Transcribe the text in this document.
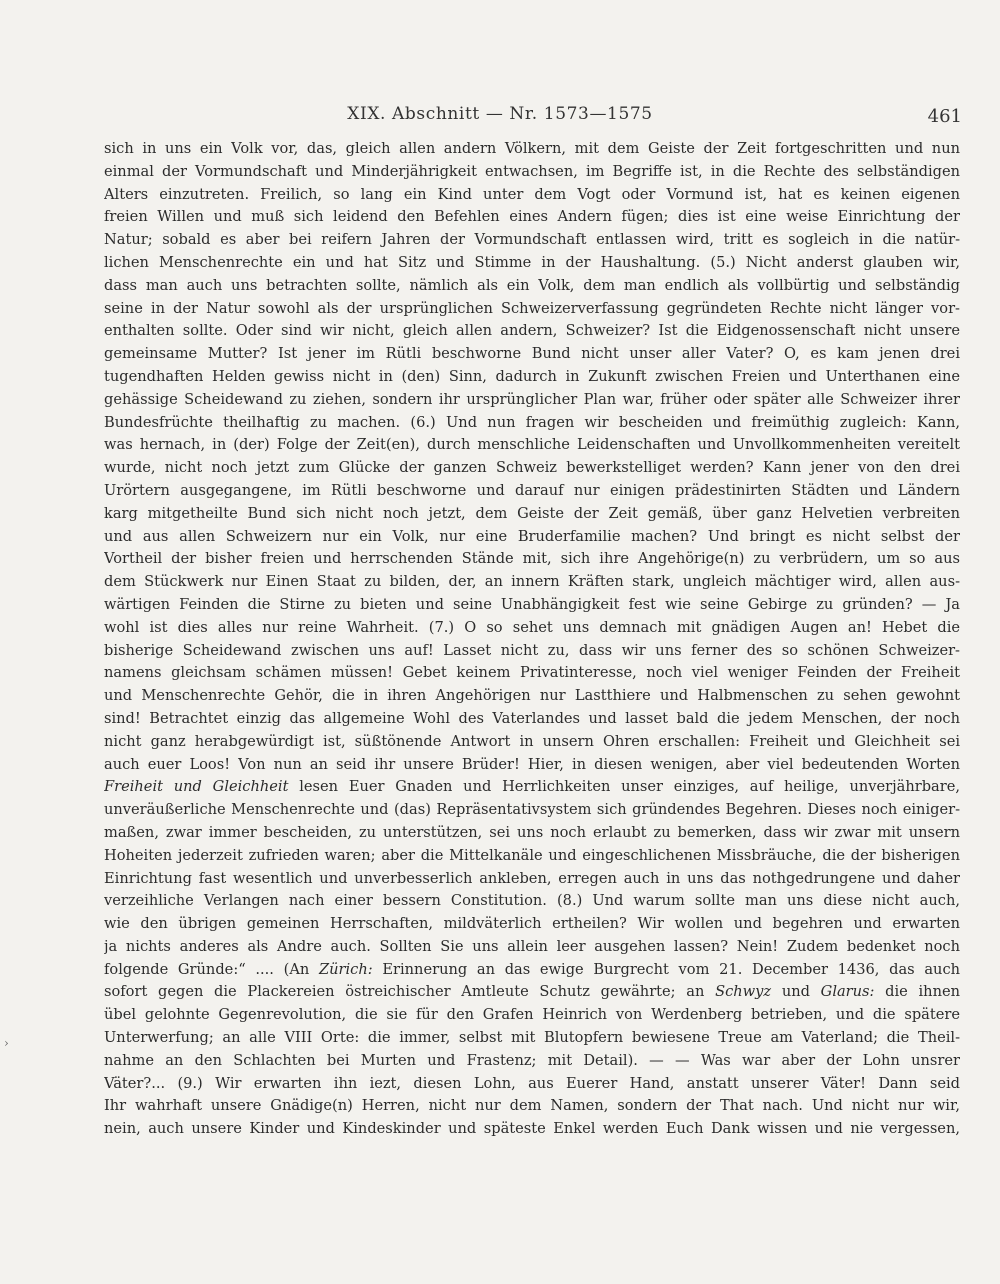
XIX. Abschnitt — Nr. 1573—1575	461
sich in uns ein Volk vor, das, gleich allen andern Völkern, mit dem Geiste der Zeit fortgeschritten und nun
einmal der Vormundschaft und Minderjährigkeit entwachsen, im Begriffe ist, in die Rechte des selbständigen
Alters einzutreten. Freilich, so lang ein Kind unter dem Vogt oder Vormund ist, hat es keinen eigenen
freien Willen und muß sich leidend den Befehlen eines Andern fügen; dies ist eine weise Einrichtung der
Natur; sobald es aber bei reifern Jahren der Vormundschaft entlassen wird, tritt es sogleich in die natür-
lichen Menschenrechte ein und hat Sitz und Stimme in der Haushaltung. (5.) Nicht anderst glauben wir,
dass man auch uns betrachten sollte, nämlich als ein Volk, dem man endlich als vollbürtig und selbständig
seine in der Natur sowohl als der ursprünglichen Schweizerverfassung gegründeten Rechte nicht länger vor-
enthalten sollte. Oder sind wir nicht, gleich allen andern, Schweizer? Ist die Eidgenossenschaft nicht unsere
gemeinsame Mutter? Ist jener im Rütli beschworne Bund nicht unser aller Vater? O, es kam jenen drei
tugendhaften Helden gewiss nicht in (den) Sinn, dadurch in Zukunft zwischen Freien und Unterthanen eine
gehässige Scheidewand zu ziehen, sondern ihr ursprünglicher Plan war, früher oder später alle Schweizer ihrer
Bundesfrüchte theilhaftig zu machen. (6.) Und nun fragen wir bescheiden und freimüthig zugleich: Kann,
was hernach, in (der) Folge der Zeit(en), durch menschliche Leidenschaften und Unvollkommenheiten vereitelt
wurde, nicht noch jetzt zum Glücke der ganzen Schweiz bewerkstelliget werden? Kann jener von den drei
Urörtern ausgegangene, im Rütli beschworne und darauf nur einigen prädestinirten Städten und Ländern
karg mitgetheilte Bund sich nicht noch jetzt, dem Geiste der Zeit gemäß, über ganz Helvetien verbreiten
und aus allen Schweizern nur ein Volk, nur eine Bruderfamilie machen? Und bringt es nicht selbst der
Vortheil der bisher freien und herrschenden Stände mit, sich ihre Angehörige(n) zu verbrüdern, um so aus
dem Stückwerk nur Einen Staat zu bilden, der, an innern Kräften stark, ungleich mächtiger wird, allen aus-
wärtigen Feinden die Stirne zu bieten und seine Unabhängigkeit fest wie seine Gebirge zu gründen? — Ja
wohl ist dies alles nur reine Wahrheit. (7.) O so sehet uns demnach mit gnädigen Augen an! Hebet die
bisherige Scheidewand zwischen uns auf! Lasset nicht zu, dass wir uns ferner des so schönen Schweizer-
namens gleichsam schämen müssen! Gebet keinem Privatinteresse, noch viel weniger Feinden der Freiheit
und Menschenrechte Gehör, die in ihren Angehörigen nur Lastthiere und Halbmenschen zu sehen gewohnt
sind! Betrachtet einzig das allgemeine Wohl des Vaterlandes und lasset bald die jedem Menschen, der noch
nicht ganz herabgewürdigt ist, süßtönende Antwort in unsern Ohren erschallen: Freiheit und Gleichheit sei
auch euer Loos! Von nun an seid ihr unsere Brüder! Hier, in diesen wenigen, aber viel bedeutenden Worten
Freiheit und Gleichheit lesen Euer Gnaden und Herrlichkeiten unser einziges, auf heilige, unverjährbare,
unveräußerliche Menschenrechte und (das) Repräsentativsystem sich gründendes Begehren. Dieses noch einiger-
maßen, zwar immer bescheiden, zu unterstützen, sei uns noch erlaubt zu bemerken, dass wir zwar mit unsern
Hoheiten jederzeit zufrieden waren; aber die Mittelkanäle und eingeschlichenen Missbräuche, die der bisherigen
Einrichtung fast wesentlich und unverbesserlich ankleben, erregen auch in uns das nothgedrungene und daher
verzeihliche Verlangen nach einer bessern Constitution. (8.) Und warum sollte man uns diese nicht auch,
wie den übrigen gemeinen Herrschaften, mildväterlich ertheilen? Wir wollen und begehren und erwarten
ja nichts anderes als Andre auch. Sollten Sie uns allein leer ausgehen lassen? Nein! Zudem bedenket noch
folgende Gründe:“ .... (An Zürich: Erinnerung an das ewige Burgrecht vom 21. December 1436, das auch
sofort gegen die Plackereien östreichischer Amtleute Schutz gewährte; an Schwyz und Glarus: die ihnen
übel gelohnte Gegenrevolution, die sie für den Grafen Heinrich von Werdenberg betrieben, und die spätere
Unterwerfung; an alle VIII Orte: die immer, selbst mit Blutopfern bewiesene Treue am Vaterland; die Theil-
nahme an den Schlachten bei Murten und Frastenz; mit Detail). — — Was war aber der Lohn unsrer
Väter?... (9.) Wir erwarten ihn iezt, diesen Lohn, aus Euerer Hand, anstatt unserer Väter! Dann seid
Ihr wahrhaft unsere Gnädige(n) Herren, nicht nur dem Namen, sondern der That nach. Und nicht nur wir,
nein, auch unsere Kinder und Kindeskinder und späteste Enkel werden Euch Dank wissen und nie vergessen,
›
